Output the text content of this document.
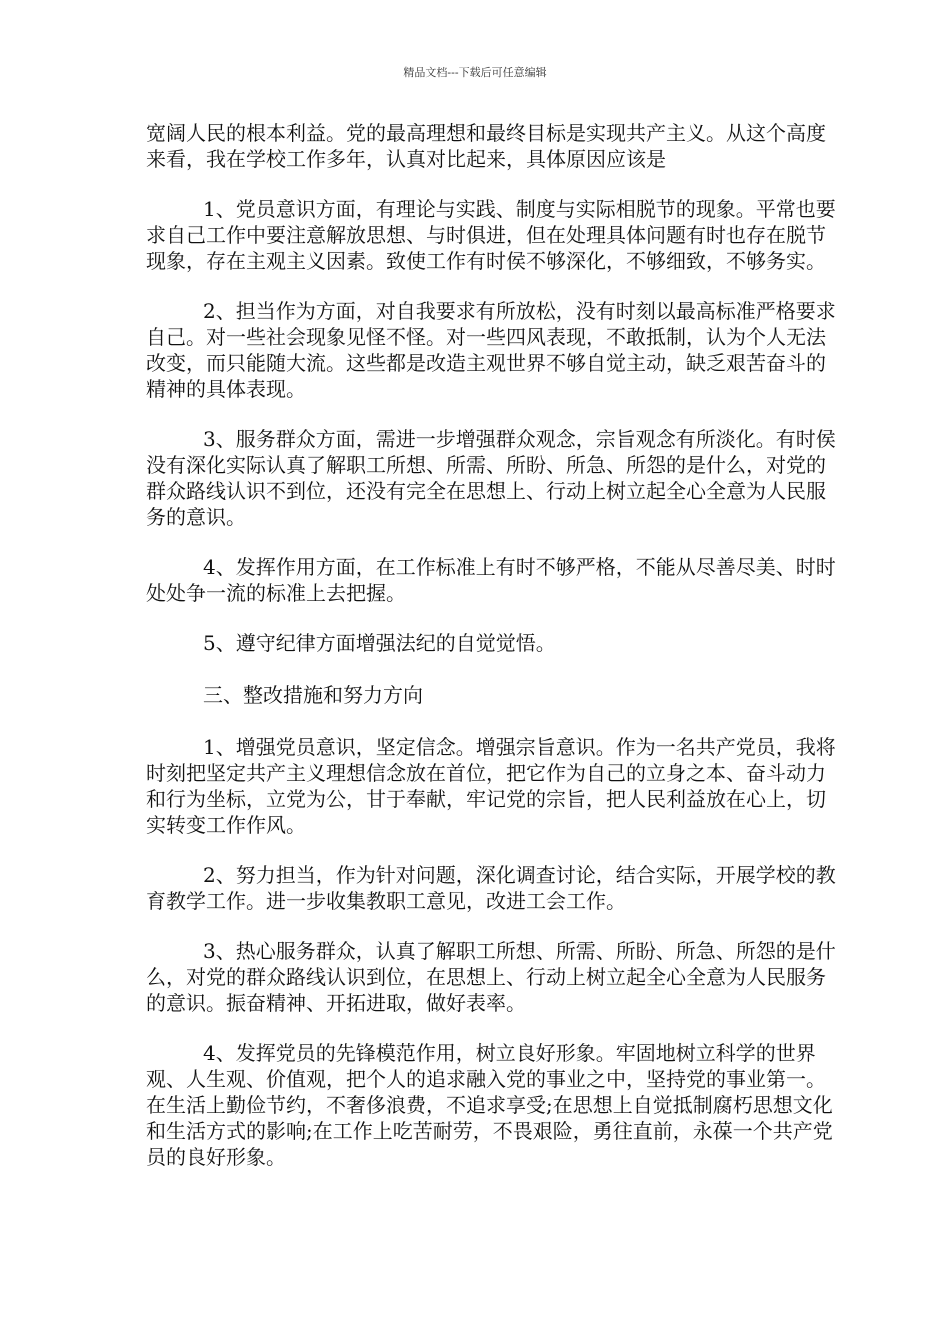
精品文档---下载后可任意编辑

宽阔人民的根本利益。党的最高理想和最终目标是实现共产主义。从这个高度来看，我在学校工作多年，认真对比起来，具体原因应该是

1、党员意识方面，有理论与实践、制度与实际相脱节的现象。平常也要求自己工作中要注意解放思想、与时俱进，但在处理具体问题有时也存在脱节现象，存在主观主义因素。致使工作有时侯不够深化，不够细致，不够务实。

2、担当作为方面，对自我要求有所放松，没有时刻以最高标准严格要求自己。对一些社会现象见怪不怪。对一些四风表现，不敢抵制，认为个人无法改变，而只能随大流。这些都是改造主观世界不够自觉主动，缺乏艰苦奋斗的精神的具体表现。

3、服务群众方面，需进一步增强群众观念，宗旨观念有所淡化。有时侯没有深化实际认真了解职工所想、所需、所盼、所急、所怨的是什么，对党的群众路线认识不到位，还没有完全在思想上、行动上树立起全心全意为人民服务的意识。

4、发挥作用方面，在工作标准上有时不够严格，不能从尽善尽美、时时处处争一流的标准上去把握。

5、遵守纪律方面增强法纪的自觉觉悟。

三、整改措施和努力方向

1、增强党员意识，坚定信念。增强宗旨意识。作为一名共产党员，我将时刻把坚定共产主义理想信念放在首位，把它作为自己的立身之本、奋斗动力和行为坐标，立党为公，甘于奉献，牢记党的宗旨，把人民利益放在心上，切实转变工作作风。

2、努力担当，作为针对问题，深化调查讨论，结合实际，开展学校的教育教学工作。进一步收集教职工意见，改进工会工作。

3、热心服务群众，认真了解职工所想、所需、所盼、所急、所怨的是什么，对党的群众路线认识到位，在思想上、行动上树立起全心全意为人民服务的意识。振奋精神、开拓进取，做好表率。

4、发挥党员的先锋模范作用，树立良好形象。牢固地树立科学的世界观、人生观、价值观，把个人的追求融入党的事业之中，坚持党的事业第一。在生活上勤俭节约，不奢侈浪费，不追求享受;在思想上自觉抵制腐朽思想文化和生活方式的影响;在工作上吃苦耐劳，不畏艰险，勇往直前，永葆一个共产党员的良好形象。
